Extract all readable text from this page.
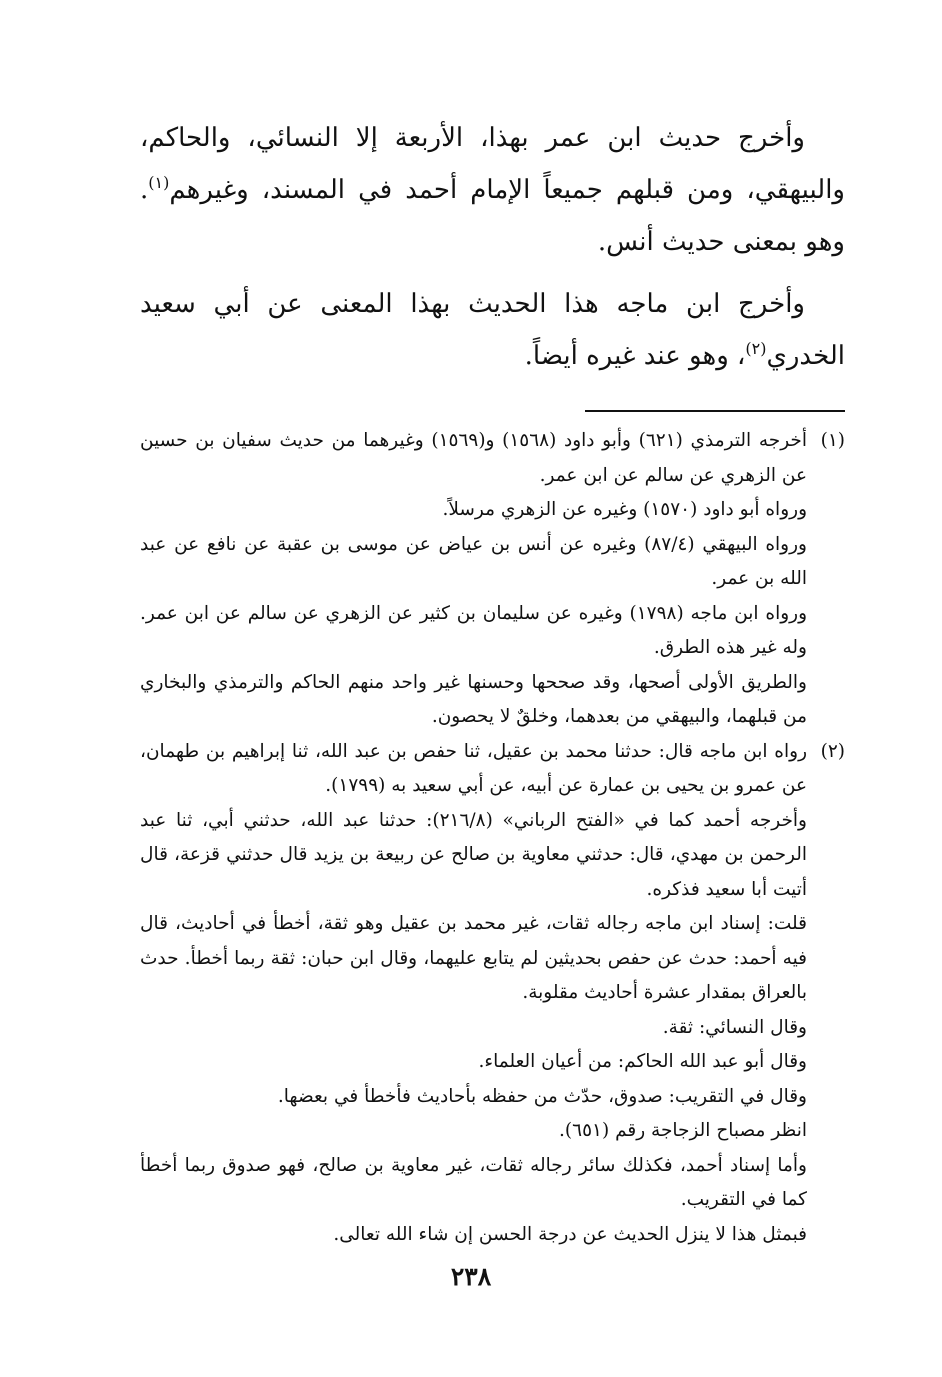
وأخرج حديث ابن عمر بهذا، الأربعة إلا النسائي، والحاكم، والبيهقي، ومن قبلهم جميعاً الإمام أحمد في المسند، وغيرهم$^{(١)}$. وهو بمعنى حديث أنس.

وأخرج ابن ماجه هذا الحديث بهذا المعنى عن أبي سعيد الخدري$^{(٢)}$، وهو عند غيره أيضاً.

(١)

أخرجه الترمذي (٦٢١) وأبو داود (١٥٦٨) و(١٥٦٩) وغيرهما من حديث سفيان بن حسين عن الزهري عن سالم عن ابن عمر.

ورواه أبو داود (١٥٧٠) وغيره عن الزهري مرسلاً.

ورواه البيهقي (٨٧/٤) وغيره عن أنس بن عياض عن موسى بن عقبة عن نافع عن عبد الله بن عمر.

ورواه ابن ماجه (١٧٩٨) وغيره عن سليمان بن كثير عن الزهري عن سالم عن ابن عمر. وله غير هذه الطرق.

والطريق الأولى أصحها، وقد صححها وحسنها غير واحد منهم الحاكم والترمذي والبخاري من قبلهما، والبيهقي من بعدهما، وخلقٌ لا يحصون.

(٢)

رواه ابن ماجه قال: حدثنا محمد بن عقيل، ثنا حفص بن عبد الله، ثنا إبراهيم بن طهمان، عن عمرو بن يحيى بن عمارة عن أبيه، عن أبي سعيد به (١٧٩٩).

وأخرجه أحمد كما في «الفتح الرباني» (٢١٦/٨): حدثنا عبد الله، حدثني أبي، ثنا عبد الرحمن بن مهدي، قال: حدثني معاوية بن صالح عن ربيعة بن يزيد قال حدثني قزعة، قال أتيت أبا سعيد فذكره.

قلت: إسناد ابن ماجه رجاله ثقات، غير محمد بن عقيل وهو ثقة، أخطأ في أحاديث، قال فيه أحمد: حدث عن حفص بحديثين لم يتابع عليهما، وقال ابن حبان: ثقة ربما أخطأ. حدث بالعراق بمقدار عشرة أحاديث مقلوبة.

وقال النسائي: ثقة.

وقال أبو عبد الله الحاكم: من أعيان العلماء.

وقال في التقريب: صدوق، حدّث من حفظه بأحاديث فأخطأ في بعضها.

انظر مصباح الزجاجة رقم (٦٥١).

وأما إسناد أحمد، فكذلك سائر رجاله ثقات، غير معاوية بن صالح، فهو صدوق ربما أخطأ كما في التقريب.

فبمثل هذا لا ينزل الحديث عن درجة الحسن إن شاء الله تعالى.

٢٣٨
